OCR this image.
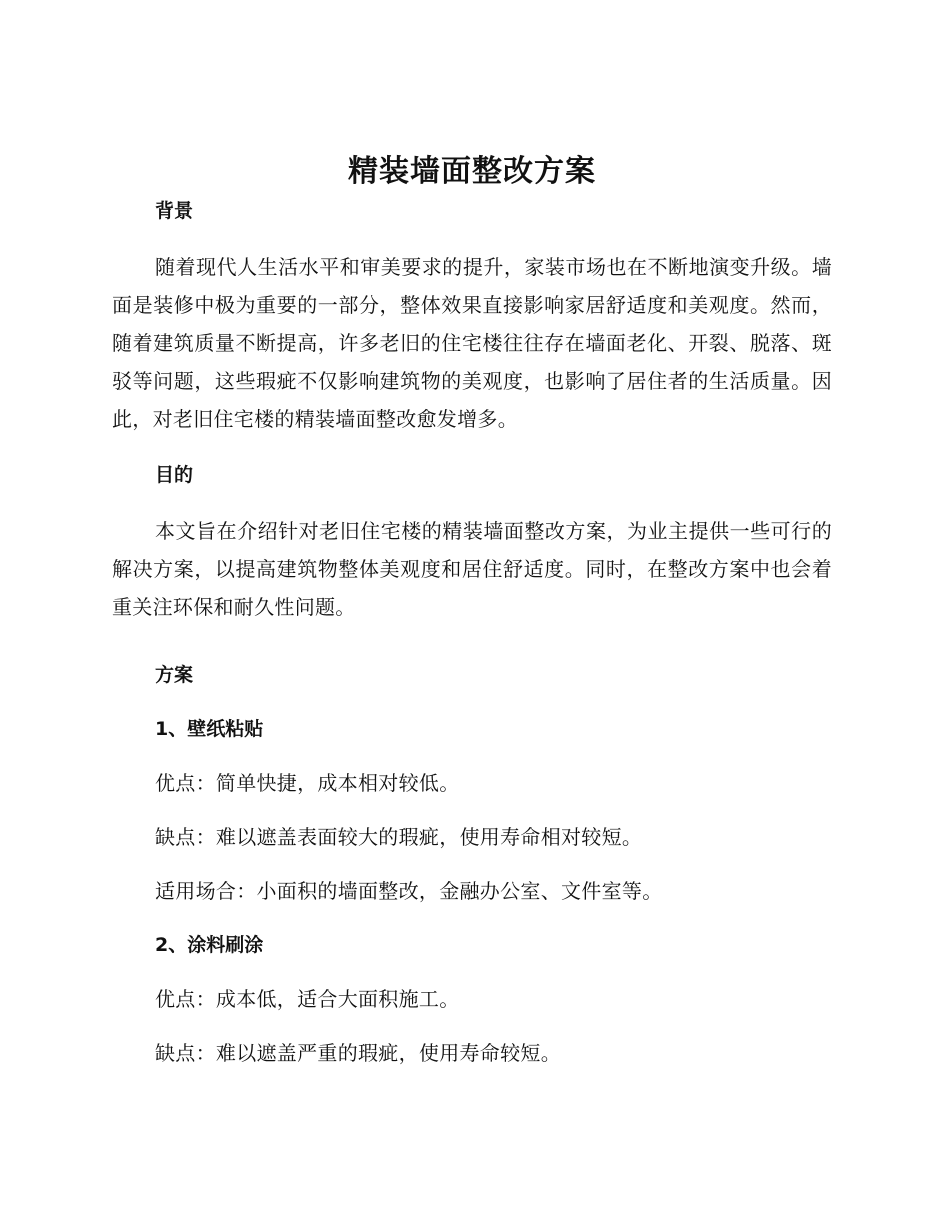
精装墙面整改方案
背景

随着现代人生活水平和审美要求的提升，家装市场也在不断地演变升级。墙面是装修中极为重要的一部分，整体效果直接影响家居舒适度和美观度。然而，随着建筑质量不断提高，许多老旧的住宅楼往往存在墙面老化、开裂、脱落、斑驳等问题，这些瑕疵不仅影响建筑物的美观度，也影响了居住者的生活质量。因此，对老旧住宅楼的精装墙面整改愈发增多。

目的

本文旨在介绍针对老旧住宅楼的精装墙面整改方案，为业主提供一些可行的解决方案，以提高建筑物整体美观度和居住舒适度。同时，在整改方案中也会着重关注环保和耐久性问题。

方案
1、壁纸粘贴

优点：简单快捷，成本相对较低。

缺点：难以遮盖表面较大的瑕疵，使用寿命相对较短。

适用场合：小面积的墙面整改，金融办公室、文件室等。

2、涂料刷涂

优点：成本低，适合大面积施工。

缺点：难以遮盖严重的瑕疵，使用寿命较短。
